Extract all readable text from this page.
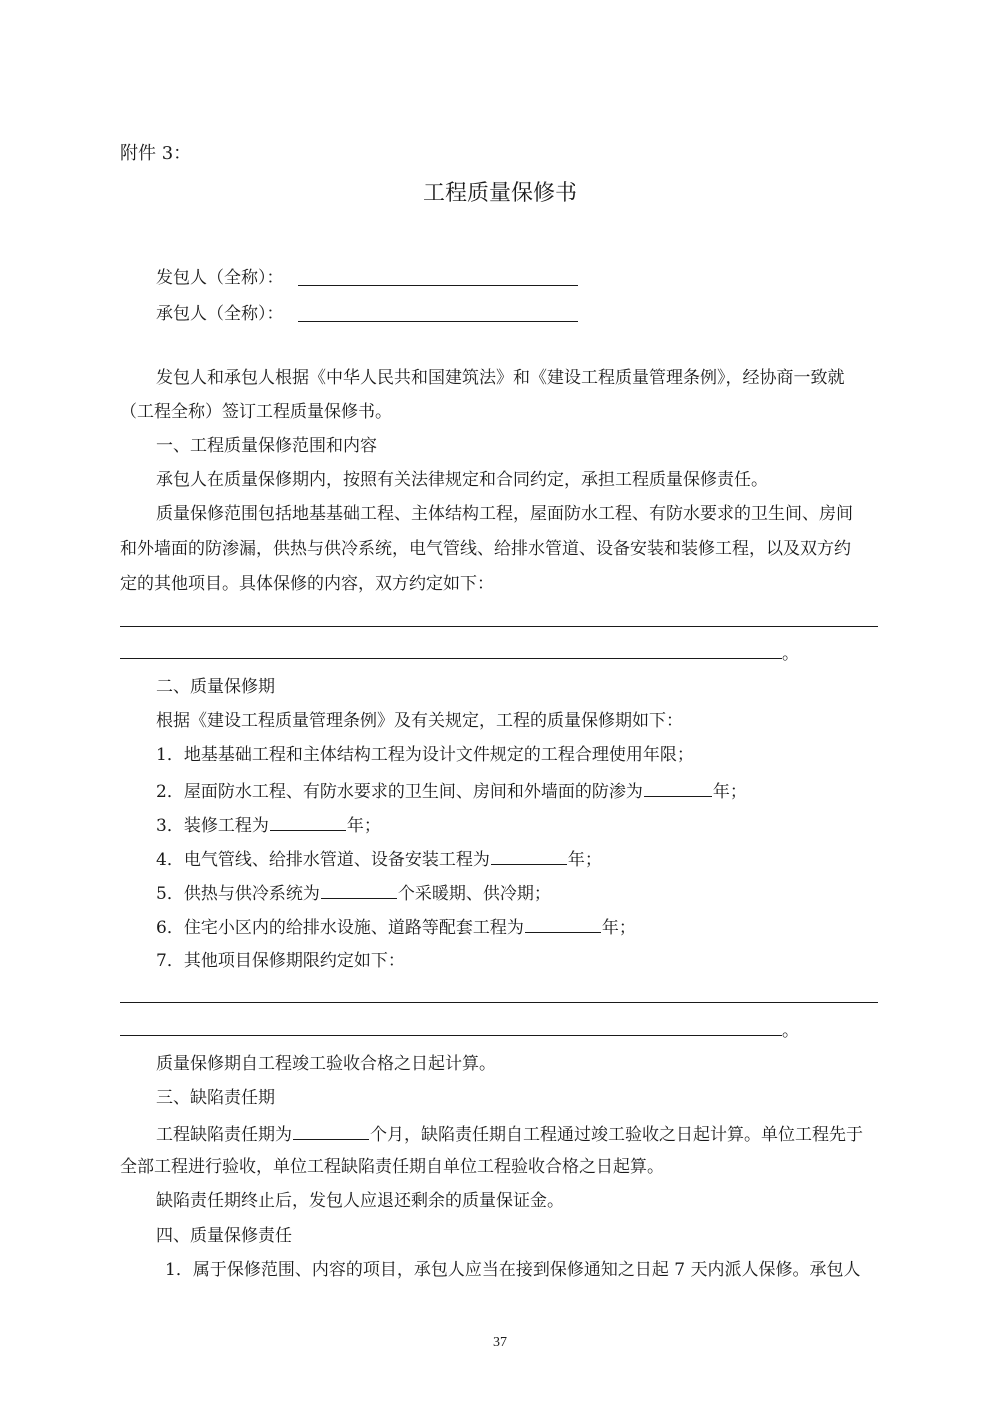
附件 3：
工程质量保修书
发包人（全称）：
承包人（全称）：
发包人和承包人根据《中华人民共和国建筑法》和《建设工程质量管理条例》，经协商一致就
（工程全称）签订工程质量保修书。
一、工程质量保修范围和内容
承包人在质量保修期内，按照有关法律规定和合同约定，承担工程质量保修责任。
质量保修范围包括地基基础工程、主体结构工程，屋面防水工程、有防水要求的卫生间、房间
和外墙面的防渗漏，供热与供冷系统，电气管线、给排水管道、设备安装和装修工程，以及双方约
定的其他项目。具体保修的内容，双方约定如下：
。
二、质量保修期
根据《建设工程质量管理条例》及有关规定，工程的质量保修期如下：
1．地基基础工程和主体结构工程为设计文件规定的工程合理使用年限；
2．屋面防水工程、有防水要求的卫生间、房间和外墙面的防渗为	年；
3．装修工程为	年；
4．电气管线、给排水管道、设备安装工程为	年；
5．供热与供冷系统为	个采暖期、供冷期；
6．住宅小区内的给排水设施、道路等配套工程为	年；
7．其他项目保修期限约定如下：
。
质量保修期自工程竣工验收合格之日起计算。
三、缺陷责任期
工程缺陷责任期为	个月，缺陷责任期自工程通过竣工验收之日起计算。单位工程先于
全部工程进行验收，单位工程缺陷责任期自单位工程验收合格之日起算。
缺陷责任期终止后，发包人应退还剩余的质量保证金。
四、质量保修责任
1．属于保修范围、内容的项目，承包人应当在接到保修通知之日起 7 天内派人保修。承包人
37
